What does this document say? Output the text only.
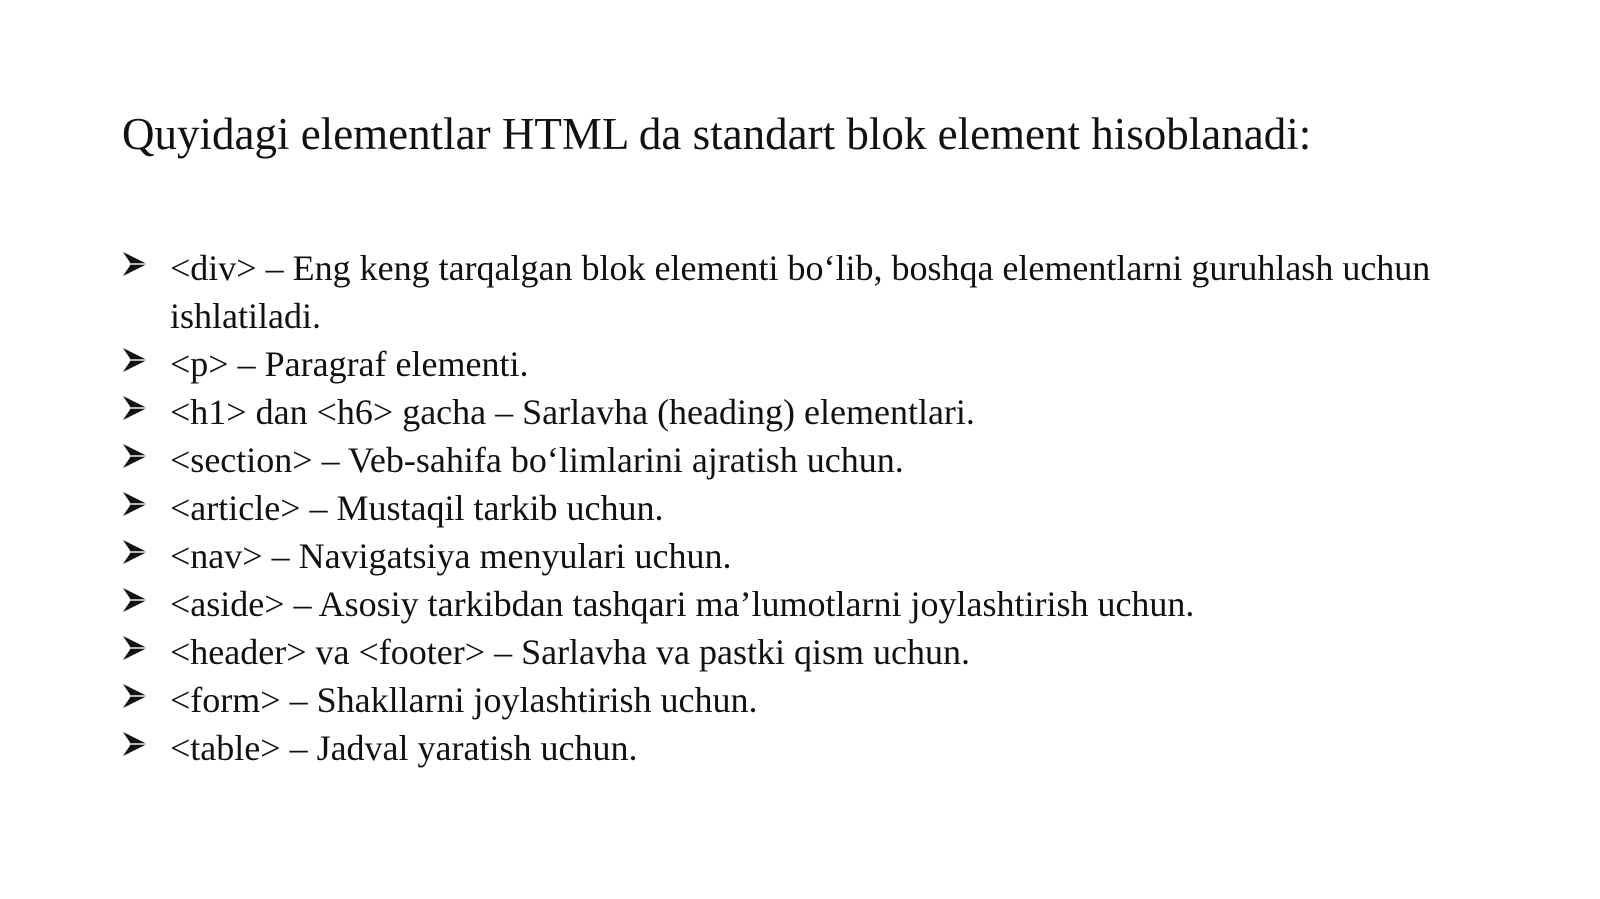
Quyidagi elementlar HTML da standart blok element hisoblanadi:
<div> – Eng keng tarqalgan blok elementi bo‘lib, boshqa elementlarni guruhlash uchun ishlatiladi.
<p> – Paragraf elementi.
<h1> dan <h6> gacha – Sarlavha (heading) elementlari.
<section> – Veb-sahifa bo‘limlarini ajratish uchun.
<article> – Mustaqil tarkib uchun.
<nav> – Navigatsiya menyulari uchun.
<aside> – Asosiy tarkibdan tashqari ma’lumotlarni joylashtirish uchun.
<header> va <footer> – Sarlavha va pastki qism uchun.
<form> – Shakllarni joylashtirish uchun.
<table> – Jadval yaratish uchun.
